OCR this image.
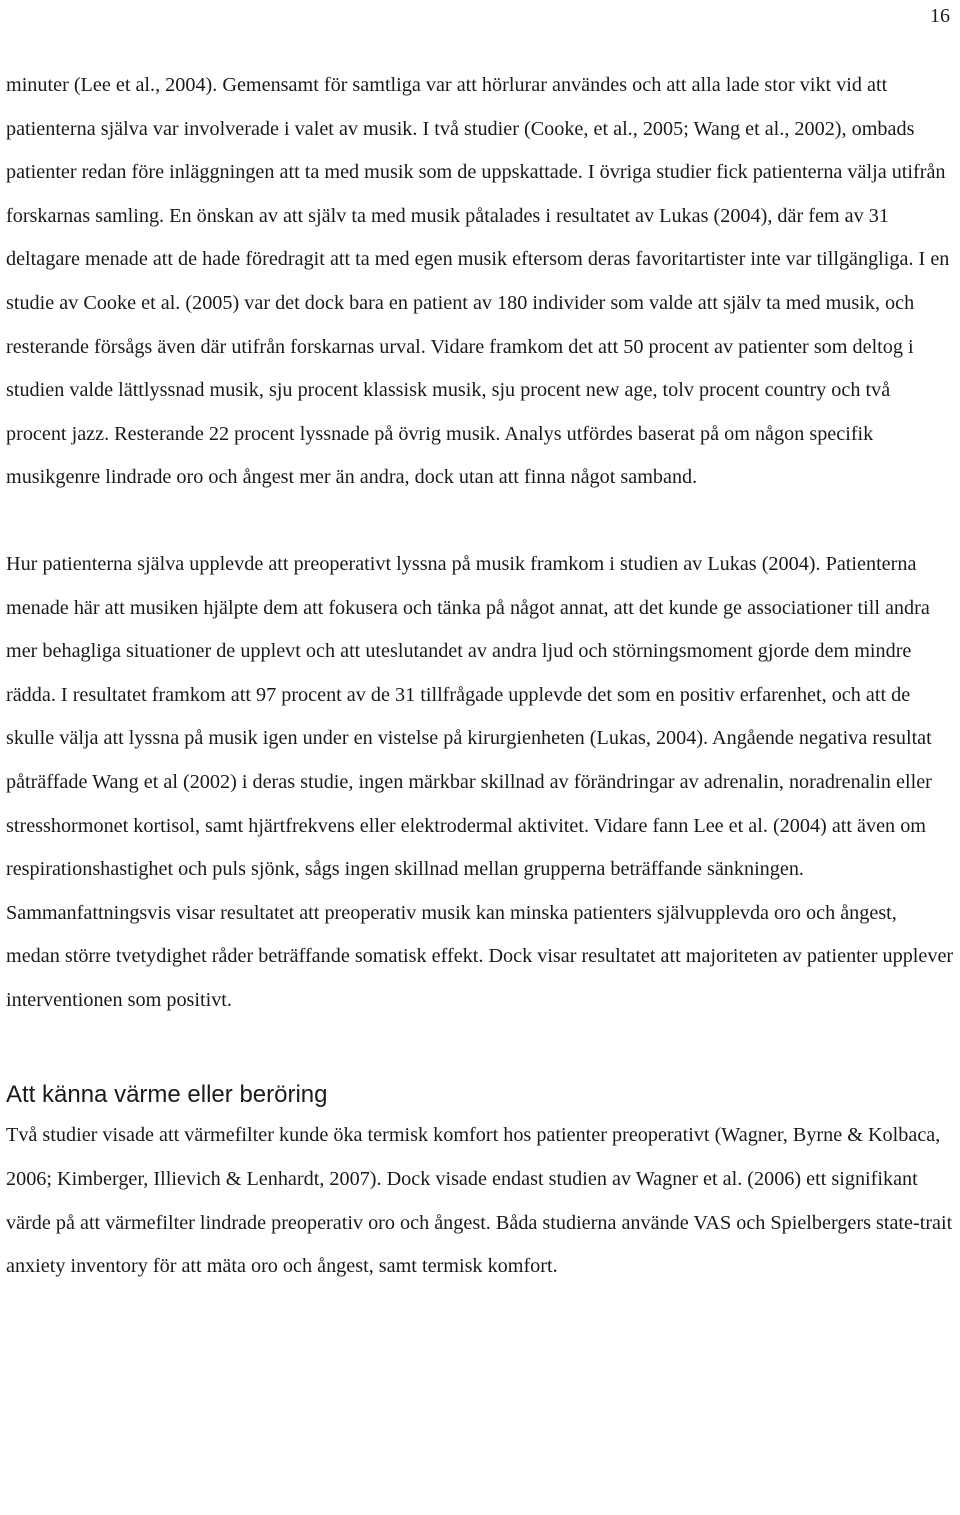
16

minuter (Lee et al., 2004). Gemensamt för samtliga var att hörlurar användes och att alla lade stor vikt vid att patienterna själva var involverade i valet av musik. I två studier (Cooke, et al., 2005; Wang et al., 2002), ombads patienter redan före inläggningen att ta med musik som de uppskattade. I övriga studier fick patienterna välja utifrån forskarnas samling. En önskan av att själv ta med musik påtalades i resultatet av Lukas (2004), där fem av 31 deltagare menade att de hade föredragit att ta med egen musik eftersom deras favoritartister inte var tillgängliga. I en studie av Cooke et al. (2005) var det dock bara en patient av 180 individer som valde att själv ta med musik, och resterande försågs även där utifrån forskarnas urval. Vidare framkom det att 50 procent av patienter som deltog i studien valde lättlyssnad musik, sju procent klassisk musik, sju procent new age, tolv procent country och två procent jazz. Resterande 22 procent lyssnade på övrig musik. Analys utfördes baserat på om någon specifik musikgenre lindrade oro och ångest mer än andra, dock utan att finna något samband.

Hur patienterna själva upplevde att preoperativt lyssna på musik framkom i studien av Lukas (2004). Patienterna menade här att musiken hjälpte dem att fokusera och tänka på något annat, att det kunde ge associationer till andra mer behagliga situationer de upplevt och att uteslutandet av andra ljud och störningsmoment gjorde dem mindre rädda. I resultatet framkom att 97 procent av de 31 tillfrågade upplevde det som en positiv erfarenhet, och att de skulle välja att lyssna på musik igen under en vistelse på kirurgienheten (Lukas, 2004). Angående negativa resultat påträffade Wang et al (2002) i deras studie, ingen märkbar skillnad av förändringar av adrenalin, noradrenalin eller stresshormonet kortisol, samt hjärtfrekvens eller elektrodermal aktivitet. Vidare fann Lee et al. (2004) att även om respirationshastighet och puls sjönk, sågs ingen skillnad mellan grupperna beträffande sänkningen. Sammanfattningsvis visar resultatet att preoperativ musik kan minska patienters självupplevda oro och ångest, medan större tvetydighet råder beträffande somatisk effekt. Dock visar resultatet att majoriteten av patienter upplever interventionen som positivt.

Att känna värme eller beröring

Två studier visade att värmefilter kunde öka termisk komfort hos patienter preoperativt (Wagner, Byrne & Kolbaca, 2006; Kimberger, Illievich & Lenhardt, 2007). Dock visade endast studien av Wagner et al. (2006) ett signifikant värde på att värmefilter lindrade preoperativ oro och ångest. Båda studierna använde VAS och Spielbergers state-trait anxiety inventory för att mäta oro och ångest, samt termisk komfort.
